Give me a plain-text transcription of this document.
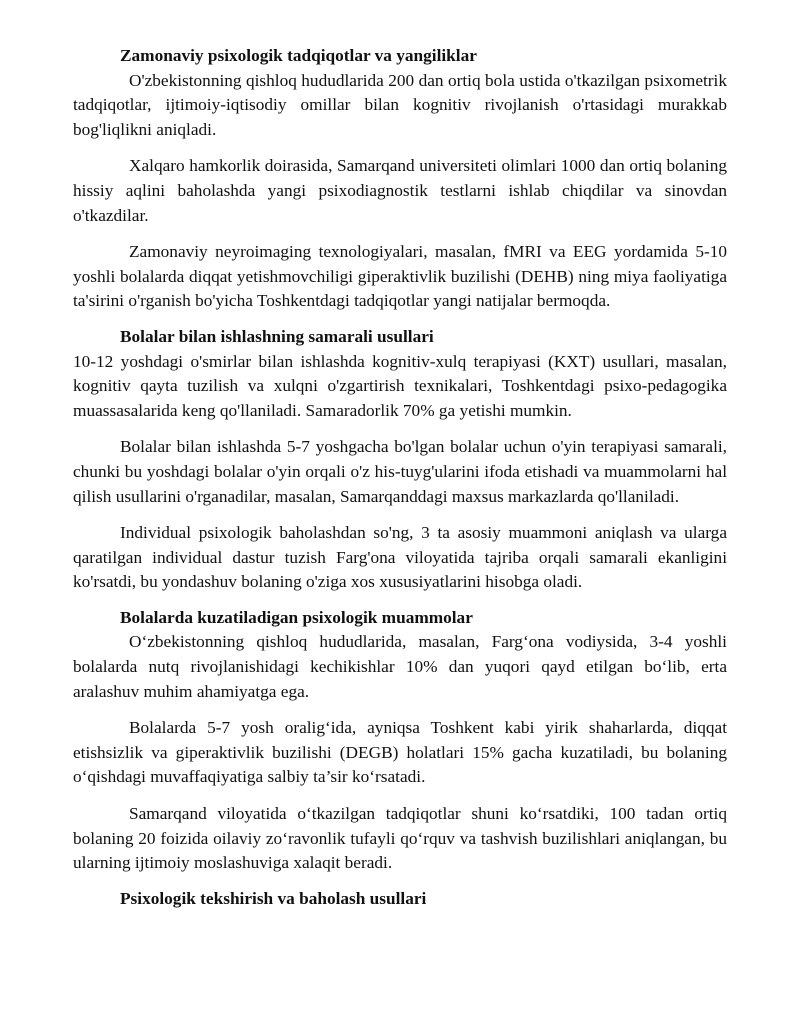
Zamonaviy psixologik tadqiqotlar va yangiliklar

O'zbekistonning qishloq hududlarida 200 dan ortiq bola ustida o'tkazilgan psixometrik tadqiqotlar, ijtimoiy-iqtisodiy omillar bilan kognitiv rivojlanish o'rtasidagi murakkab bog'liqlikni aniqladi.

Xalqaro hamkorlik doirasida, Samarqand universiteti olimlari 1000 dan ortiq bolaning hissiy aqlini baholashda yangi psixodiagnostik testlarni ishlab chiqdilar va sinovdan o'tkazdilar.

Zamonaviy neyroimaging texnologiyalari, masalan, fMRI va EEG yordamida 5-10 yoshli bolalarda diqqat yetishmovchiligi giperaktivlik buzilishi (DEHB) ning miya faoliyatiga ta'sirini o'rganish bo'yicha Toshkentdagi tadqiqotlar yangi natijalar bermoqda.

Bolalar bilan ishlashning samarali usullari

10-12 yoshdagi o'smirlar bilan ishlashda kognitiv-xulq terapiyasi (KXT) usullari, masalan, kognitiv qayta tuzilish va xulqni o'zgartirish texnikalari, Toshkentdagi psixo-pedagogika muassasalarida keng qo'llaniladi. Samaradorlik 70% ga yetishi mumkin.

Bolalar bilan ishlashda 5-7 yoshgacha bo'lgan bolalar uchun o'yin terapiyasi samarali, chunki bu yoshdagi bolalar o'yin orqali o'z his-tuyg'ularini ifoda etishadi va muammolarni hal qilish usullarini o'rganadilar, masalan, Samarqanddagi maxsus markazlarda qo'llaniladi.

Individual psixologik baholashdan so'ng, 3 ta asosiy muammoni aniqlash va ularga qaratilgan individual dastur tuzish Farg'ona viloyatida tajriba orqali samarali ekanligini ko'rsatdi, bu yondashuv bolaning o'ziga xos xususiyatlarini hisobga oladi.

Bolalarda kuzatiladigan psixologik muammolar

O‘zbekistonning qishloq hududlarida, masalan, Farg‘ona vodiysida, 3-4 yoshli bolalarda nutq rivojlanishidagi kechikishlar 10% dan yuqori qayd etilgan bo‘lib, erta aralashuv muhim ahamiyatga ega.

Bolalarda 5-7 yosh oralig‘ida, ayniqsa Toshkent kabi yirik shaharlarda, diqqat etishsizlik va giperaktivlik buzilishi (DEGB) holatlari 15% gacha kuzatiladi, bu bolaning o‘qishdagi muvaffaqiyatiga salbiy ta’sir ko‘rsatadi.

Samarqand viloyatida o‘tkazilgan tadqiqotlar shuni ko‘rsatdiki, 100 tadan ortiq bolaning 20 foizida oilaviy zo‘ravonlik tufayli qo‘rquv va tashvish buzilishlari aniqlangan, bu ularning ijtimoiy moslashuviga xalaqit beradi.

Psixologik tekshirish va baholash usullari
